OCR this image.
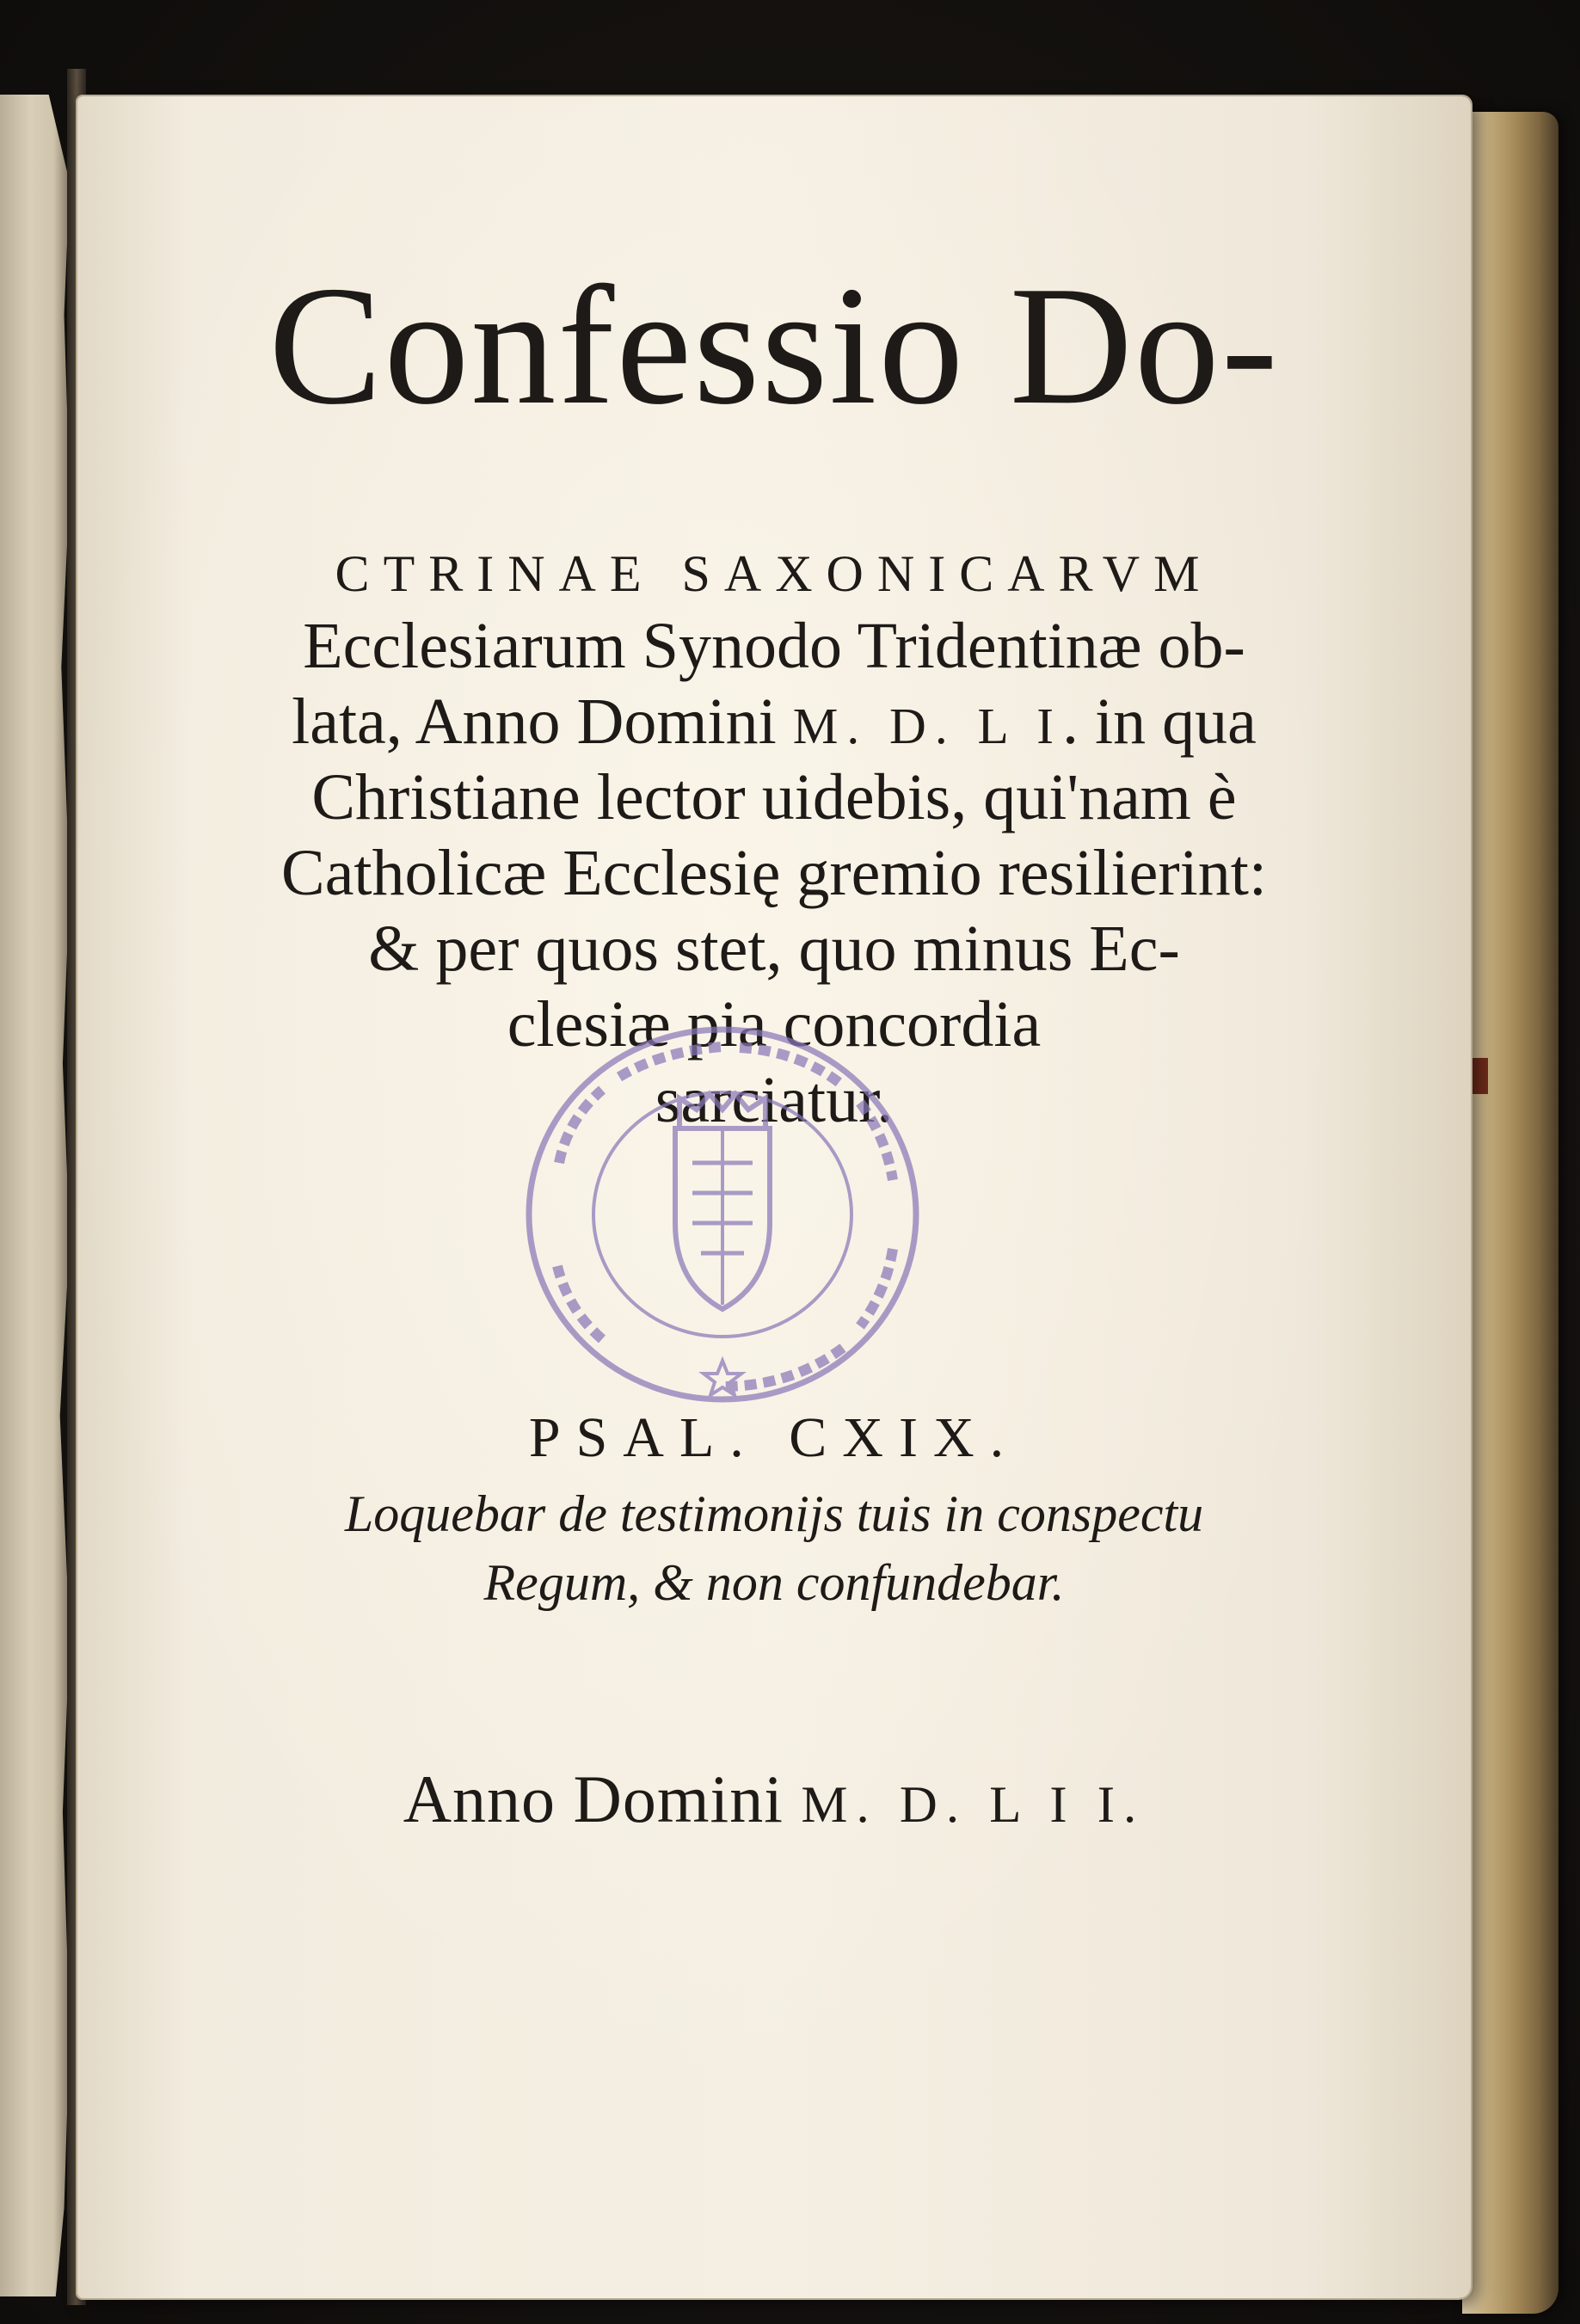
Confessio Do-
CTRINAE SAXONICARVM
Ecclesiarum Synodo Tridentinæ ob-
lata, Anno Domini M. D. L I. in qua
Christiane lector uidebis, qui'nam è
Catholicæ Ecclesię gremio resilierint:
& per quos stet, quo minus Ec-
clesiæ pia concordia
sarciatur.
PSAL. CXIX.
Loquebar de testimonijs tuis in conspectu
Regum, & non confundebar.
Anno Domini M. D. L I I.
